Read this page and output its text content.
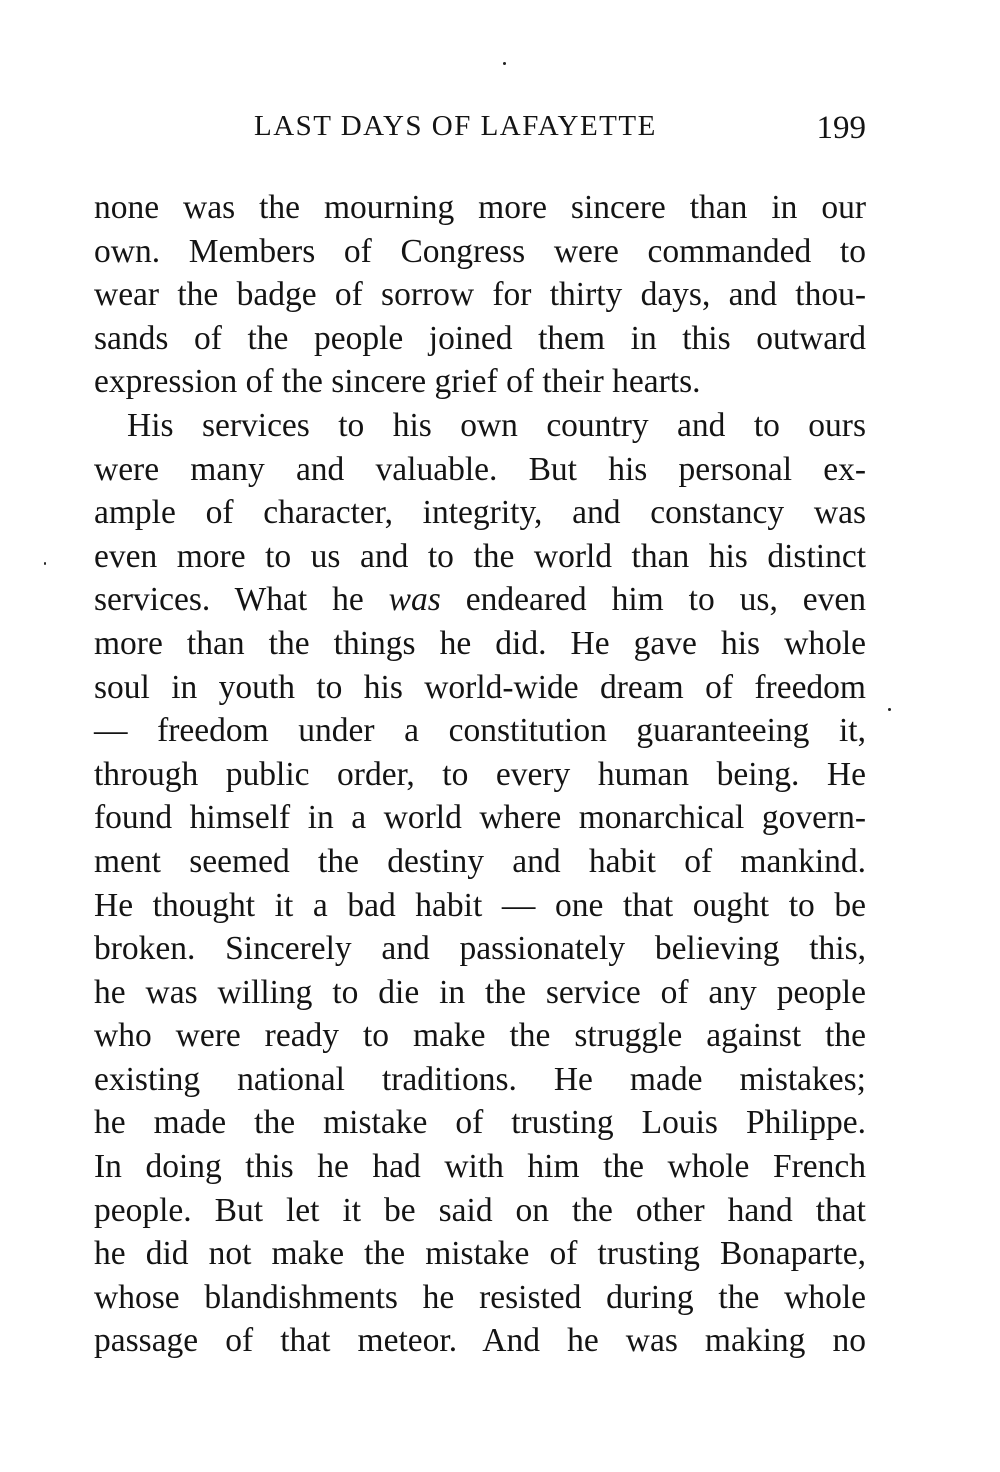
LAST DAYS OF LAFAYETTE	199
none was the mourning more sincere than in our
own. Members of Congress were commanded to
wear the badge of sorrow for thirty days, and thou-
sands of the people joined them in this outward
expression of the sincere grief of their hearts.
His services to his own country and to ours
were many and valuable. But his personal ex-
ample of character, integrity, and constancy was
even more to us and to the world than his distinct
services. What he was endeared him to us, even
more than the things he did. He gave his whole
soul in youth to his world-wide dream of freedom
— freedom under a constitution guaranteeing it,
through public order, to every human being. He
found himself in a world where monarchical govern-
ment seemed the destiny and habit of mankind.
He thought it a bad habit — one that ought to be
broken. Sincerely and passionately believing this,
he was willing to die in the service of any people
who were ready to make the struggle against the
existing national traditions. He made mistakes;
he made the mistake of trusting Louis Philippe.
In doing this he had with him the whole French
people. But let it be said on the other hand that
he did not make the mistake of trusting Bonaparte,
whose blandishments he resisted during the whole
passage of that meteor. And he was making no
